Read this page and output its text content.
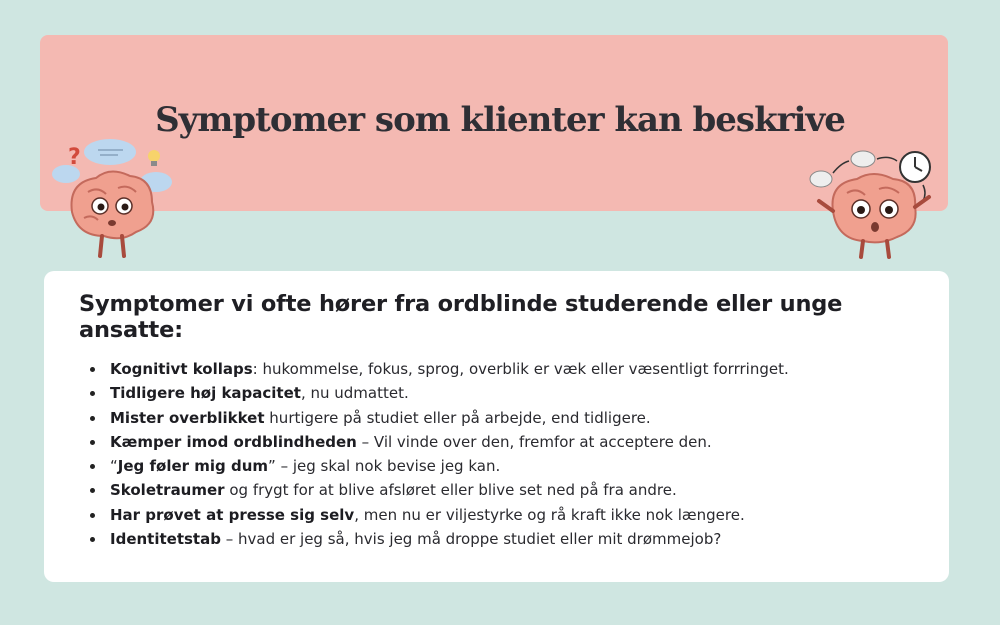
Symptomer som klienter kan beskrive
?
Symptomer vi ofte hører fra ordblinde studerende eller unge ansatte:
Kognitivt kollaps: hukommelse, fokus, sprog, overblik er væk eller væsentligt forrringet.
Tidligere høj kapacitet, nu udmattet.
Mister overblikket hurtigere på studiet eller på arbejde, end tidligere.
Kæmper imod ordblindheden – Vil vinde over den, fremfor at acceptere den.
“Jeg føler mig dum” – jeg skal nok bevise jeg kan.
Skoletraumer og frygt for at blive afsløret eller blive set ned på fra andre.
Har prøvet at presse sig selv, men nu er viljestyrke og rå kraft ikke nok længere.
Identitetstab – hvad er jeg så, hvis jeg må droppe studiet eller mit drømmejob?
